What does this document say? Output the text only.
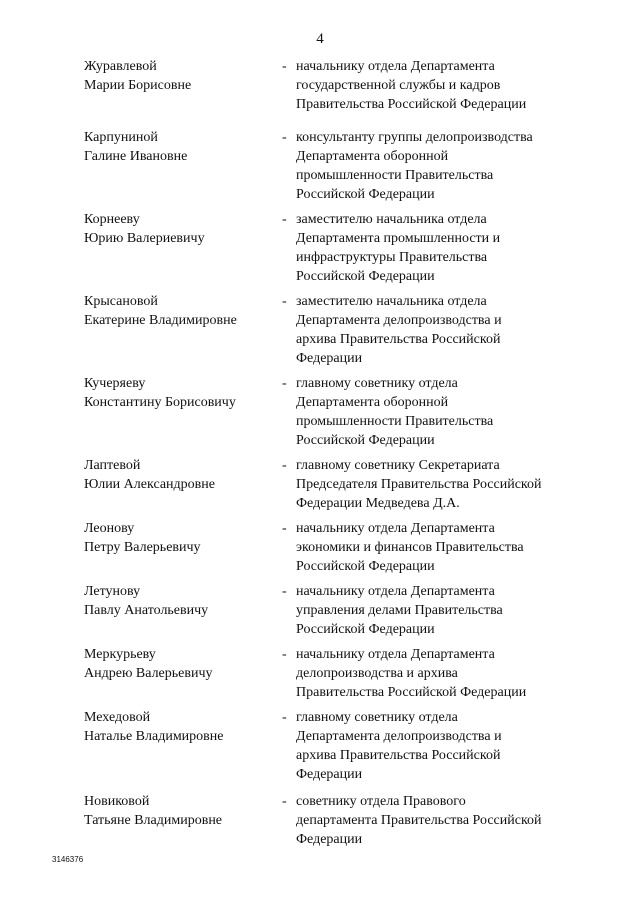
4
Журавлевой
Марии Борисовне
- начальнику отдела Департамента
государственной службы и кадров
Правительства Российской Федерации
Карпуниной
Галине Ивановне
- консультанту группы делопроизводства
Департамента оборонной
промышленности Правительства
Российской Федерации
Корнееву
Юрию Валериевичу
- заместителю начальника отдела
Департамента промышленности и
инфраструктуры Правительства
Российской Федерации
Крысановой
Екатерине Владимировне
- заместителю начальника отдела
Департамента делопроизводства и
архива Правительства Российской
Федерации
Кучеряеву
Константину Борисовичу
- главному советнику отдела
Департамента оборонной
промышленности Правительства
Российской Федерации
Лаптевой
Юлии Александровне
- главному советнику Секретариата
Председателя Правительства Российской
Федерации Медведева Д.А.
Леонову
Петру Валерьевичу
- начальнику отдела Департамента
экономики и финансов Правительства
Российской Федерации
Летунову
Павлу Анатольевичу
- начальнику отдела Департамента
управления делами Правительства
Российской Федерации
Меркурьеву
Андрею Валерьевичу
- начальнику отдела Департамента
делопроизводства и архива
Правительства Российской Федерации
Мехедовой
Наталье Владимировне
- главному советнику отдела
Департамента делопроизводства и
архива Правительства Российской
Федерации
Новиковой
Татьяне Владимировне
- советнику отдела Правового
департамента Правительства Российской
Федерации
3146376
